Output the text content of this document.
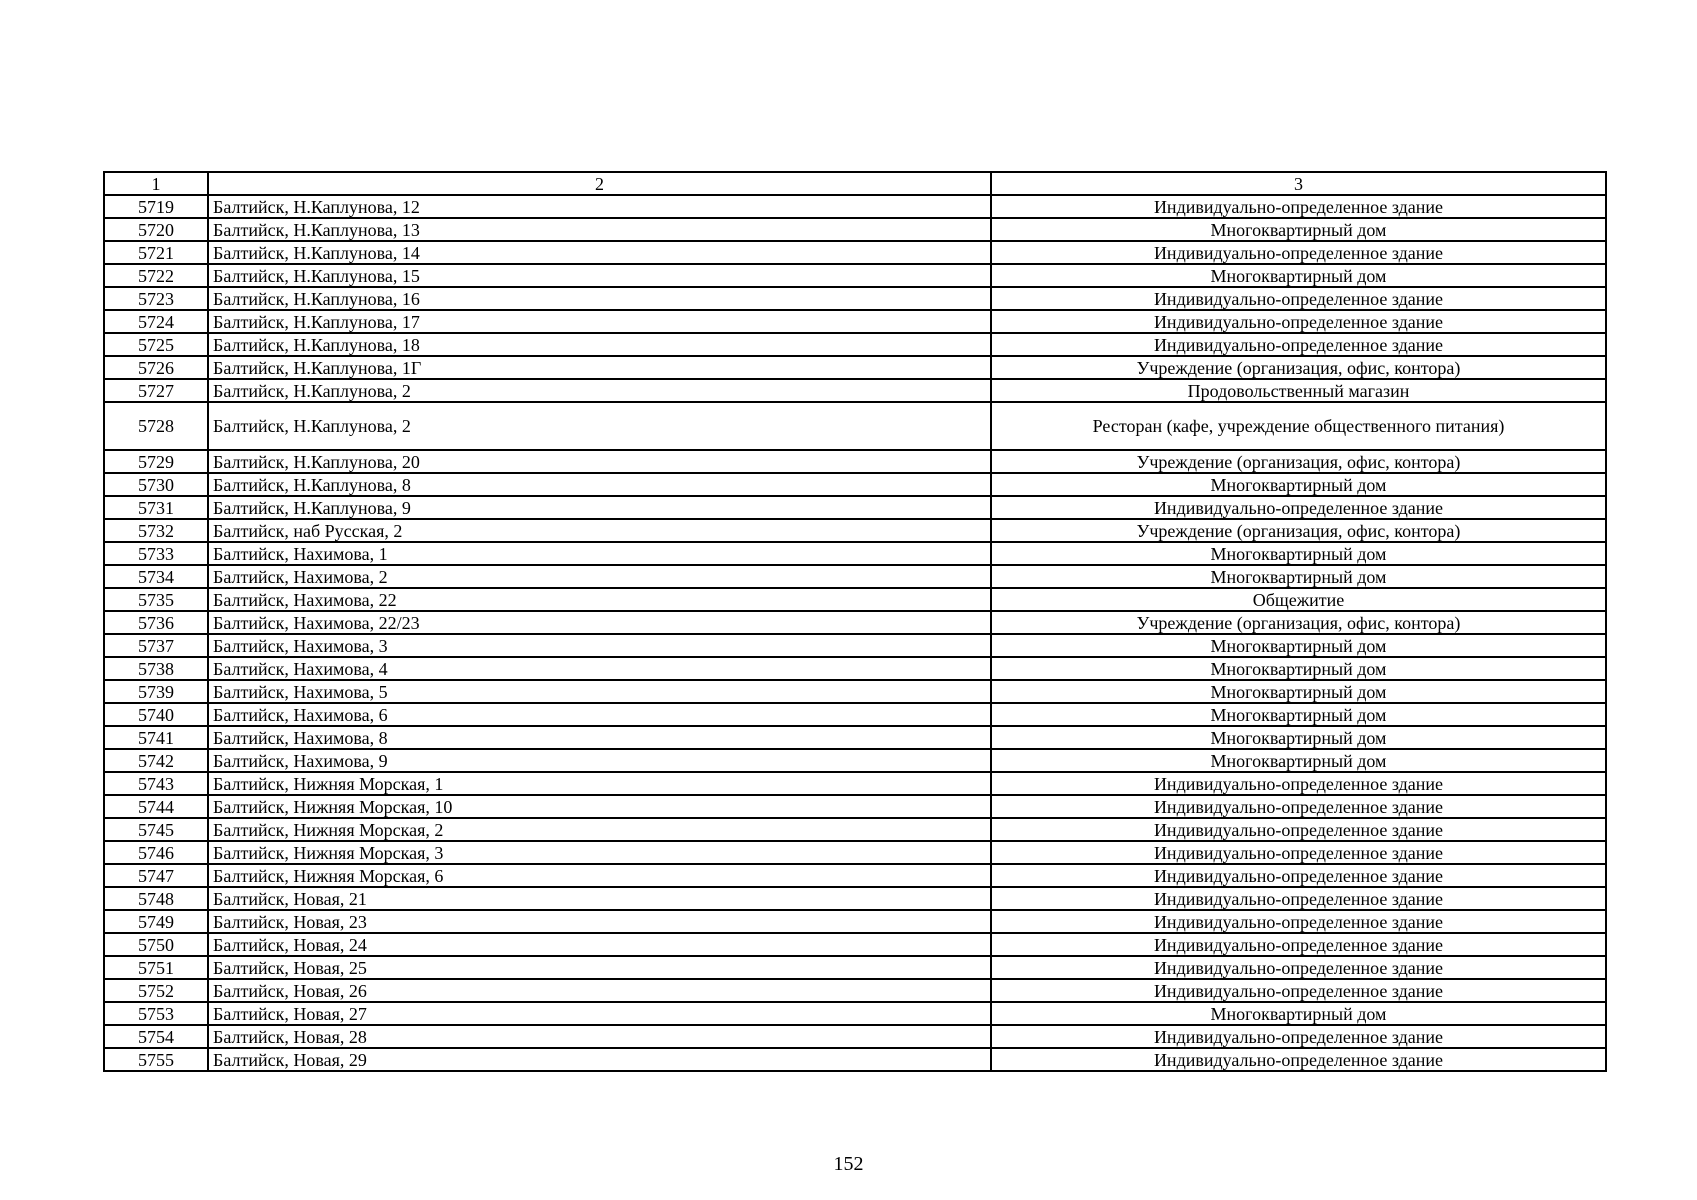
1	2	3
5719	Балтийск, Н.Каплунова, 12	Индивидуально-определенное здание
5720	Балтийск, Н.Каплунова, 13	Многоквартирный дом
5721	Балтийск, Н.Каплунова, 14	Индивидуально-определенное здание
5722	Балтийск, Н.Каплунова, 15	Многоквартирный дом
5723	Балтийск, Н.Каплунова, 16	Индивидуально-определенное здание
5724	Балтийск, Н.Каплунова, 17	Индивидуально-определенное здание
5725	Балтийск, Н.Каплунова, 18	Индивидуально-определенное здание
5726	Балтийск, Н.Каплунова, 1Г	Учреждение (организация, офис, контора)
5727	Балтийск, Н.Каплунова, 2	Продовольственный магазин
5728	Балтийск, Н.Каплунова, 2	Ресторан (кафе, учреждение общественного питания)
5729	Балтийск, Н.Каплунова, 20	Учреждение (организация, офис, контора)
5730	Балтийск, Н.Каплунова, 8	Многоквартирный дом
5731	Балтийск, Н.Каплунова, 9	Индивидуально-определенное здание
5732	Балтийск, наб Русская, 2	Учреждение (организация, офис, контора)
5733	Балтийск, Нахимова, 1	Многоквартирный дом
5734	Балтийск, Нахимова, 2	Многоквартирный дом
5735	Балтийск, Нахимова, 22	Общежитие
5736	Балтийск, Нахимова, 22/23	Учреждение (организация, офис, контора)
5737	Балтийск, Нахимова, 3	Многоквартирный дом
5738	Балтийск, Нахимова, 4	Многоквартирный дом
5739	Балтийск, Нахимова, 5	Многоквартирный дом
5740	Балтийск, Нахимова, 6	Многоквартирный дом
5741	Балтийск, Нахимова, 8	Многоквартирный дом
5742	Балтийск, Нахимова, 9	Многоквартирный дом
5743	Балтийск, Нижняя Морская, 1	Индивидуально-определенное здание
5744	Балтийск, Нижняя Морская, 10	Индивидуально-определенное здание
5745	Балтийск, Нижняя Морская, 2	Индивидуально-определенное здание
5746	Балтийск, Нижняя Морская, 3	Индивидуально-определенное здание
5747	Балтийск, Нижняя Морская, 6	Индивидуально-определенное здание
5748	Балтийск, Новая, 21	Индивидуально-определенное здание
5749	Балтийск, Новая, 23	Индивидуально-определенное здание
5750	Балтийск, Новая, 24	Индивидуально-определенное здание
5751	Балтийск, Новая, 25	Индивидуально-определенное здание
5752	Балтийск, Новая, 26	Индивидуально-определенное здание
5753	Балтийск, Новая, 27	Многоквартирный дом
5754	Балтийск, Новая, 28	Индивидуально-определенное здание
5755	Балтийск, Новая, 29	Индивидуально-определенное здание
152
